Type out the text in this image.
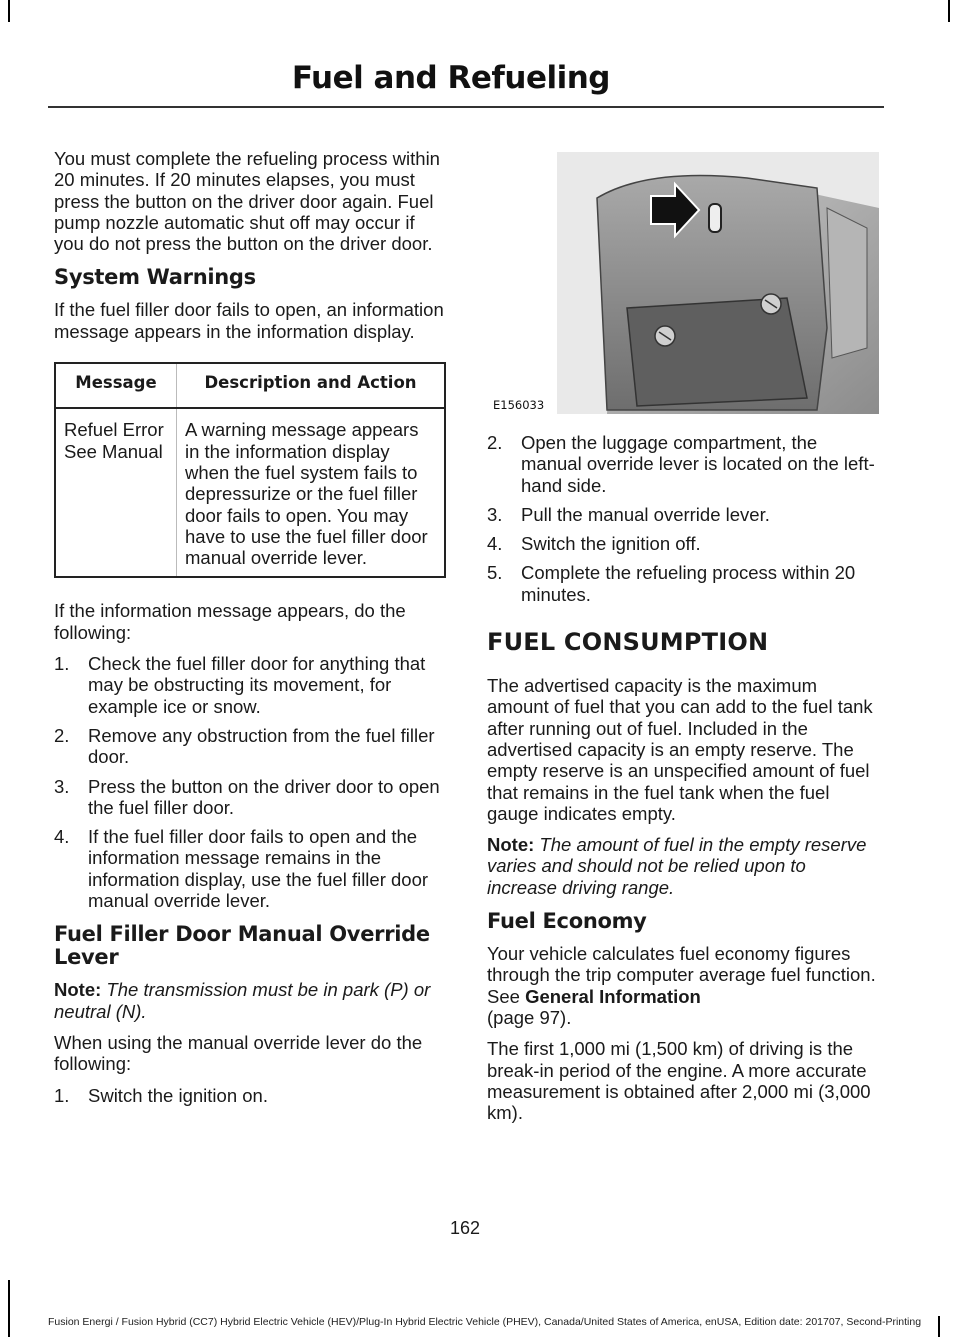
Fuel and Refueling

You must complete the refueling process within 20 minutes. If 20 minutes elapses, you must press the button on the driver door again. Fuel pump nozzle automatic shut off may occur if you do not press the button on the driver door.

System Warnings

If the fuel filler door fails to open, an information message appears in the information display.

Message	Description and Action
Refuel Error See Manual	A warning message appears in the information display when the fuel system fails to depressurize or the fuel filler door fails to open. You may have to use the fuel filler door manual override lever.

If the information message appears, do the following:

1. Check the fuel filler door for anything that may be obstructing its movement, for example ice or snow.
2. Remove any obstruction from the fuel filler door.
3. Press the button on the driver door to open the fuel filler door.
4. If the fuel filler door fails to open and the information message remains in the information display, use the fuel filler door manual override lever.
Fuel Filler Door Manual Override Lever

Note: The transmission must be in park (P) or neutral (N).

When using the manual override lever do the following:

1. Switch the ignition on.
E156033
2. Open the luggage compartment, the manual override lever is located on the left-hand side.
3. Pull the manual override lever.
4. Switch the ignition off.
5. Complete the refueling process within 20 minutes.
FUEL CONSUMPTION

The advertised capacity is the maximum amount of fuel that you can add to the fuel tank after running out of fuel. Included in the advertised capacity is an empty reserve. The empty reserve is an unspecified amount of fuel that remains in the fuel tank when the fuel gauge indicates empty.

Note: The amount of fuel in the empty reserve varies and should not be relied upon to increase driving range.

Fuel Economy

Your vehicle calculates fuel economy figures through the trip computer average fuel function. See General Information
(page 97).

The first 1,000 mi (1,500 km) of driving is the break-in period of the engine. A more accurate measurement is obtained after 2,000 mi (3,000 km).

162
Fusion Energi / Fusion Hybrid (CC7) Hybrid Electric Vehicle (HEV)/Plug-In Hybrid Electric Vehicle (PHEV), Canada/United States of America, enUSA, Edition date: 201707, Second-Printing
